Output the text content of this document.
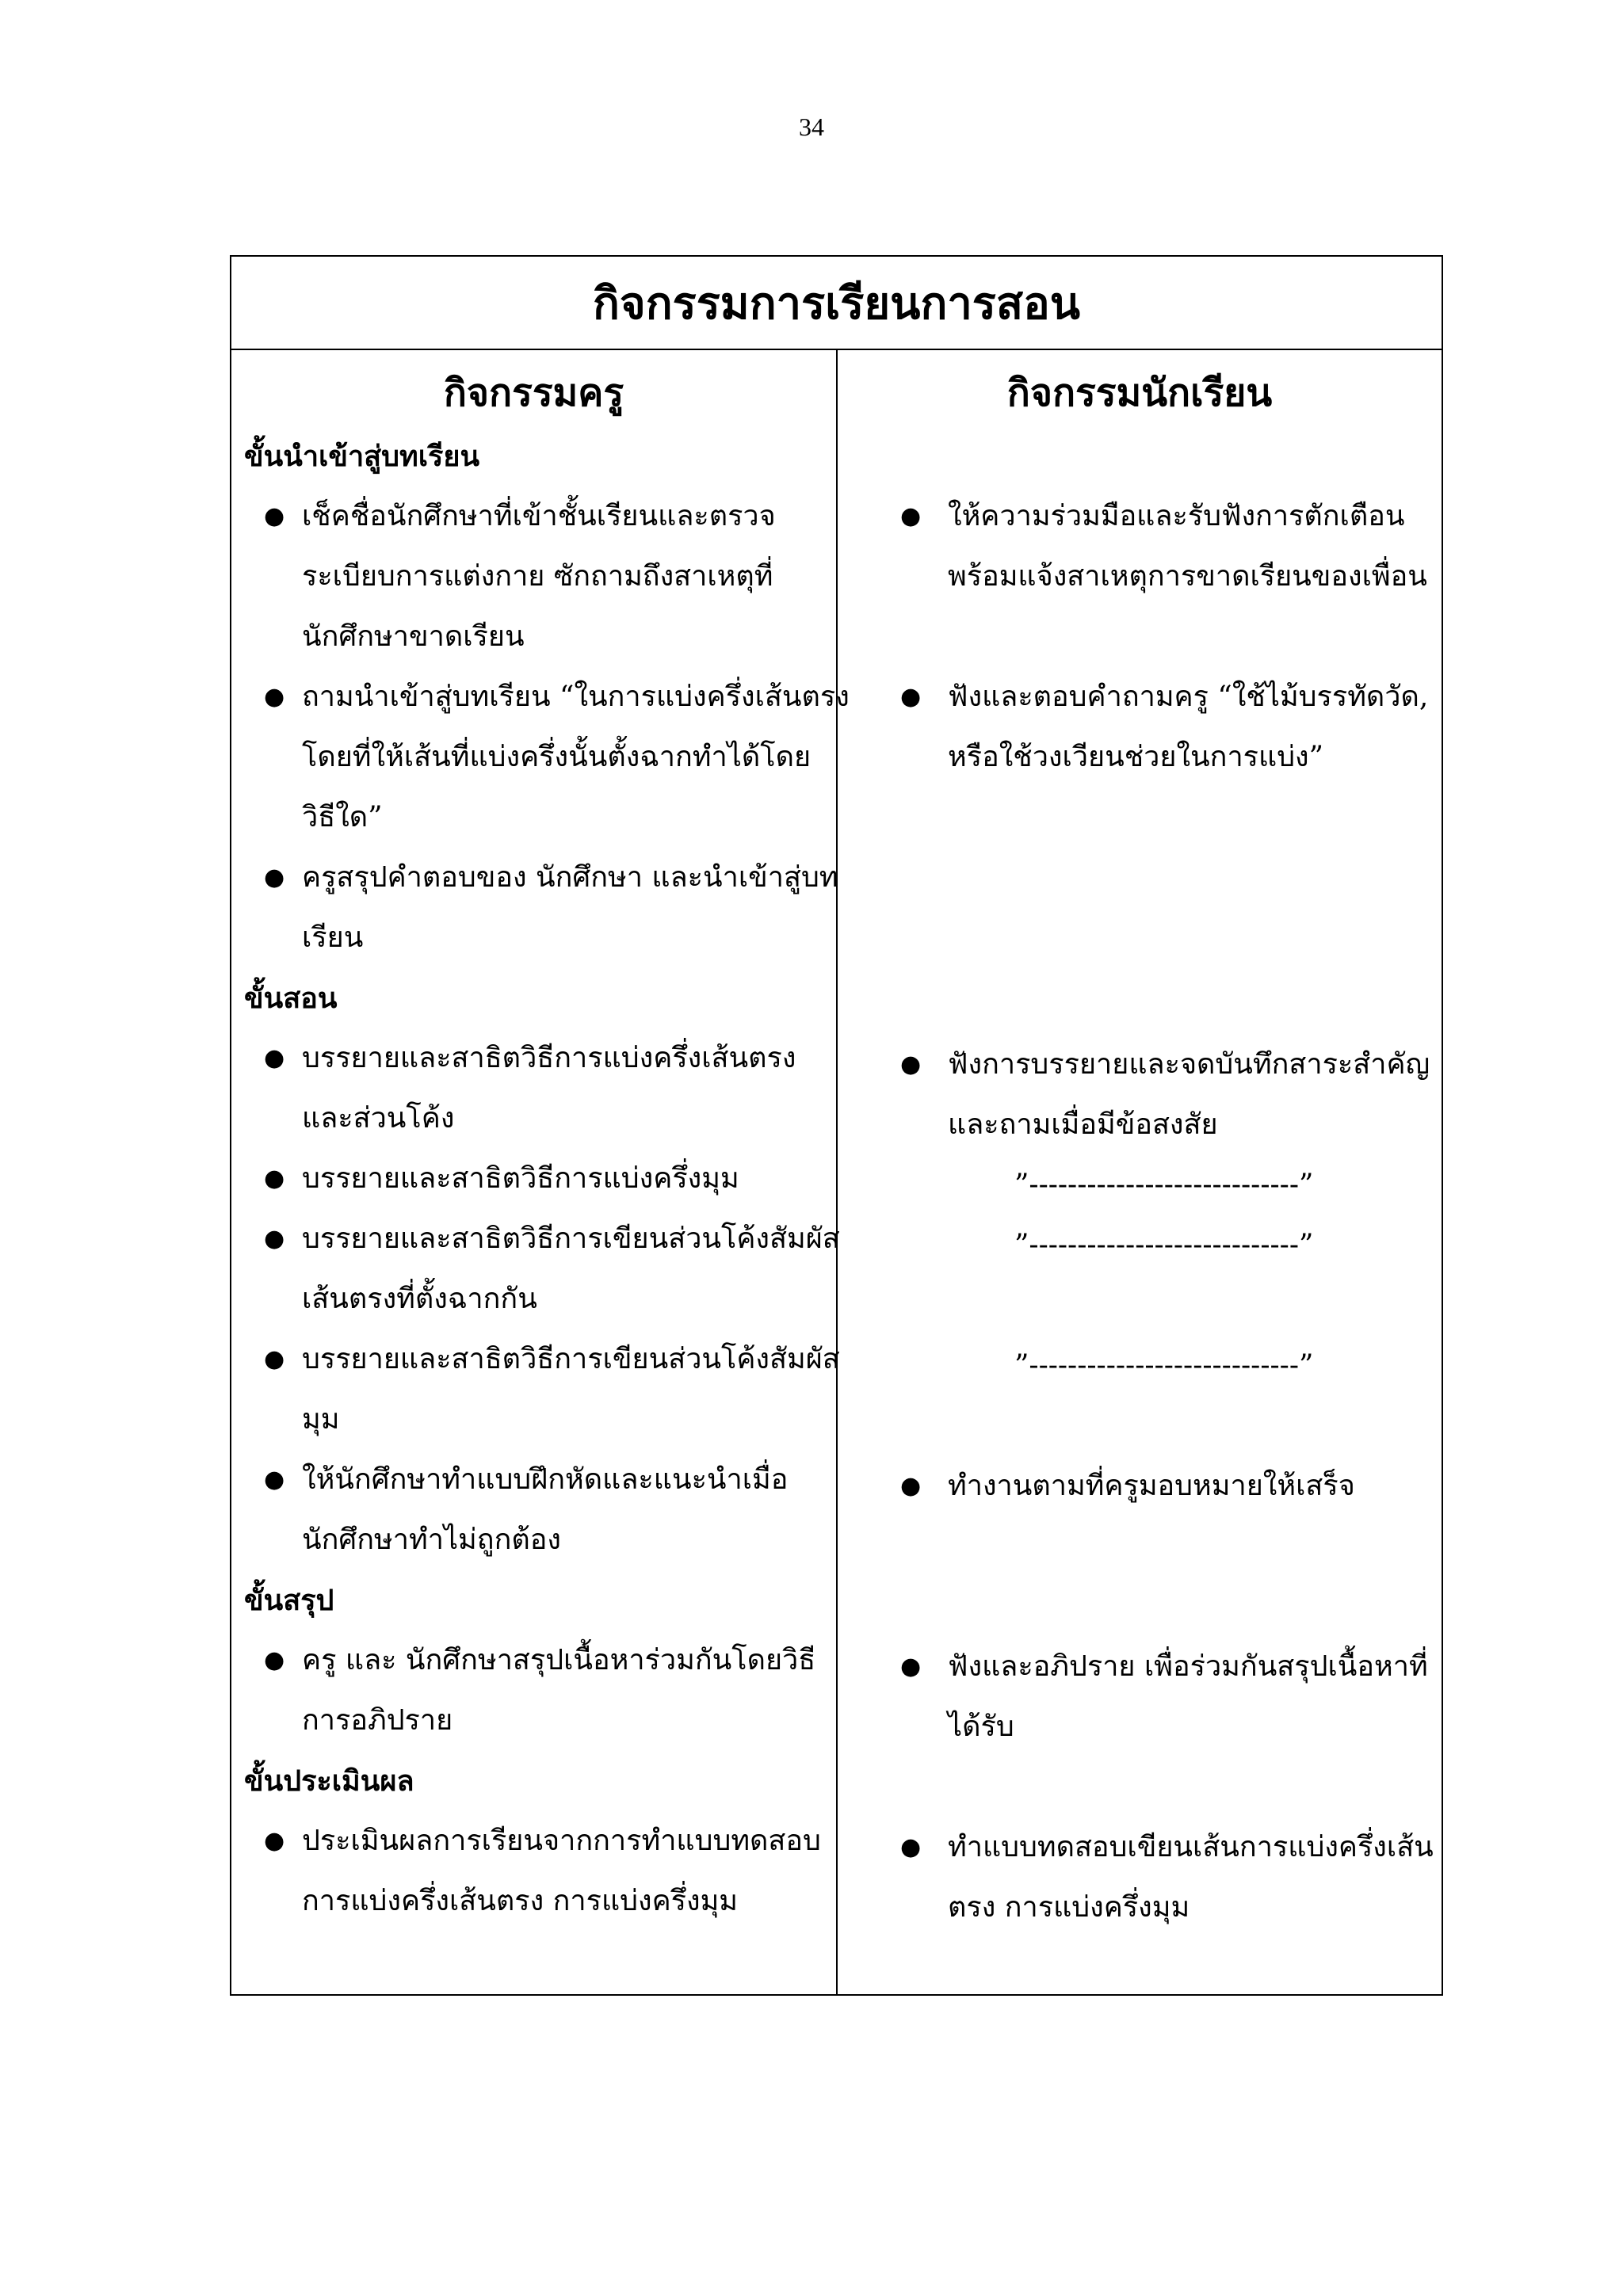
34
กิจกรรมการเรียนการสอน
กิจกรรมครู	กิจกรรมนักเรียน
ขั้นนำเข้าสู่บทเรียน
ขั้นสอน
ขั้นสรุป
ขั้นประเมินผล
● เช็คชื่อนักศึกษาที่เข้าชั้นเรียนและตรวจ
ระเบียบการแต่งกาย ซักถามถึงสาเหตุที่
นักศึกษาขาดเรียน
● ถามนำเข้าสู่บทเรียน “ในการแบ่งครึ่งเส้นตรง
โดยที่ให้เส้นที่แบ่งครึ่งนั้นตั้งฉากทำได้โดย
วิธีใด”
● ครูสรุปคำตอบของ นักศึกษา และนำเข้าสู่บท
เรียน
● บรรยายและสาธิตวิธีการแบ่งครึ่งเส้นตรง
และส่วนโค้ง
● บรรยายและสาธิตวิธีการแบ่งครึ่งมุม
● บรรยายและสาธิตวิธีการเขียนส่วนโค้งสัมผัส
เส้นตรงที่ตั้งฉากกัน
● บรรยายและสาธิตวิธีการเขียนส่วนโค้งสัมผัส
มุม
● ให้นักศึกษาทำแบบฝึกหัดและแนะนำเมื่อ
นักศึกษาทำไม่ถูกต้อง
● ครู และ นักศึกษาสรุปเนื้อหาร่วมกันโดยวิธี
การอภิปราย
● ประเมินผลการเรียนจากการทำแบบทดสอบ
การแบ่งครึ่งเส้นตรง การแบ่งครึ่งมุม
● ให้ความร่วมมือและรับฟังการตักเตือน
พร้อมแจ้งสาเหตุการขาดเรียนของเพื่อน
● ฟังและตอบคำถามครู “ใช้ไม้บรรทัดวัด,
หรือใช้วงเวียนช่วยในการแบ่ง”
● ฟังการบรรยายและจดบันทึกสาระสำคัญ
และถามเมื่อมีข้อสงสัย
”----------------------------”
”----------------------------”
”----------------------------”
● ทำงานตามที่ครูมอบหมายให้เสร็จ
● ฟังและอภิปราย เพื่อร่วมกันสรุปเนื้อหาที่
ได้รับ
● ทำแบบทดสอบเขียนเส้นการแบ่งครึ่งเส้น
ตรง การแบ่งครึ่งมุม
